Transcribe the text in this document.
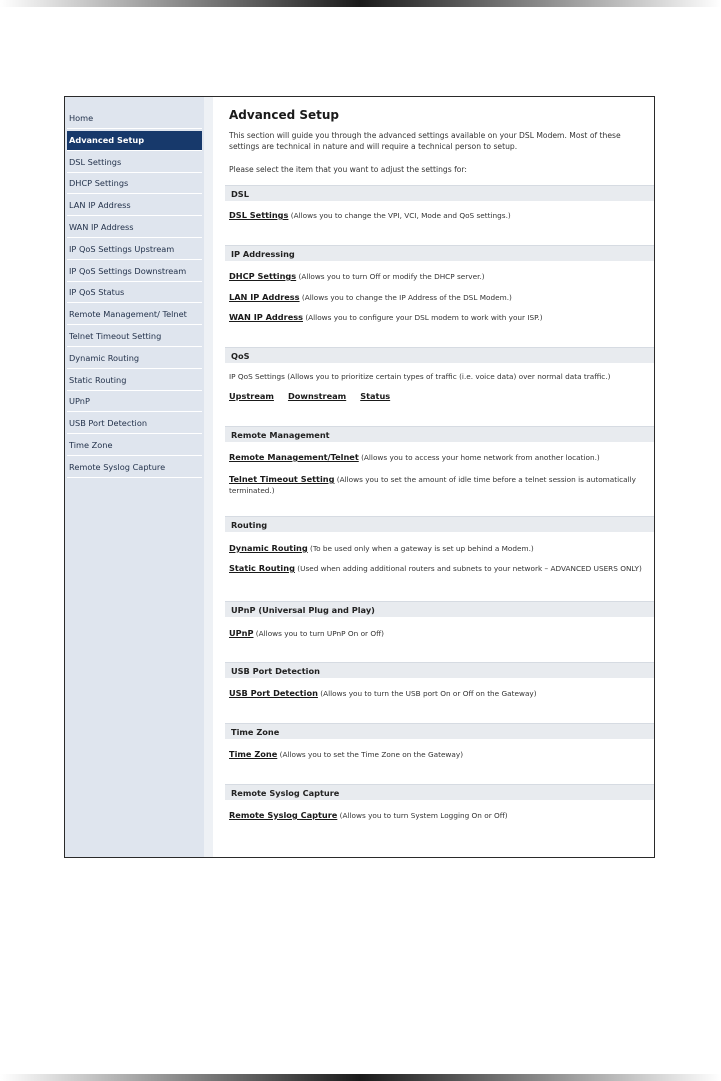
Home
Advanced Setup
DSL Settings
DHCP Settings
LAN IP Address
WAN IP Address
IP QoS Settings Upstream
IP QoS Settings Downstream
IP QoS Status
Remote Management/ Telnet
Telnet Timeout Setting
Dynamic Routing
Static Routing
UPnP
USB Port Detection
Time Zone
Remote Syslog Capture
Advanced Setup

This section will guide you through the advanced settings available on your DSL Modem. Most of these settings are technical in nature and will require a technical person to setup.

Please select the item that you want to adjust the settings for:

DSL

DSL Settings (Allows you to change the VPI, VCI, Mode and QoS settings.)

IP Addressing

DHCP Settings (Allows you to turn Off or modify the DHCP server.)

LAN IP Address (Allows you to change the IP Address of the DSL Modem.)

WAN IP Address (Allows you to configure your DSL modem to work with your ISP.)

QoS

IP QoS Settings (Allows you to prioritize certain types of traffic (i.e. voice data) over normal data traffic.)

Upstream Downstream Status

Remote Management

Remote Management/Telnet (Allows you to access your home network from another location.)

Telnet Timeout Setting (Allows you to set the amount of idle time before a telnet session is automatically terminated.)

Routing

Dynamic Routing (To be used only when a gateway is set up behind a Modem.)

Static Routing (Used when adding additional routers and subnets to your network – ADVANCED USERS ONLY)

UPnP (Universal Plug and Play)

UPnP (Allows you to turn UPnP On or Off)

USB Port Detection

USB Port Detection (Allows you to turn the USB port On or Off on the Gateway)

Time Zone

Time Zone (Allows you to set the Time Zone on the Gateway)

Remote Syslog Capture

Remote Syslog Capture (Allows you to turn System Logging On or Off)
